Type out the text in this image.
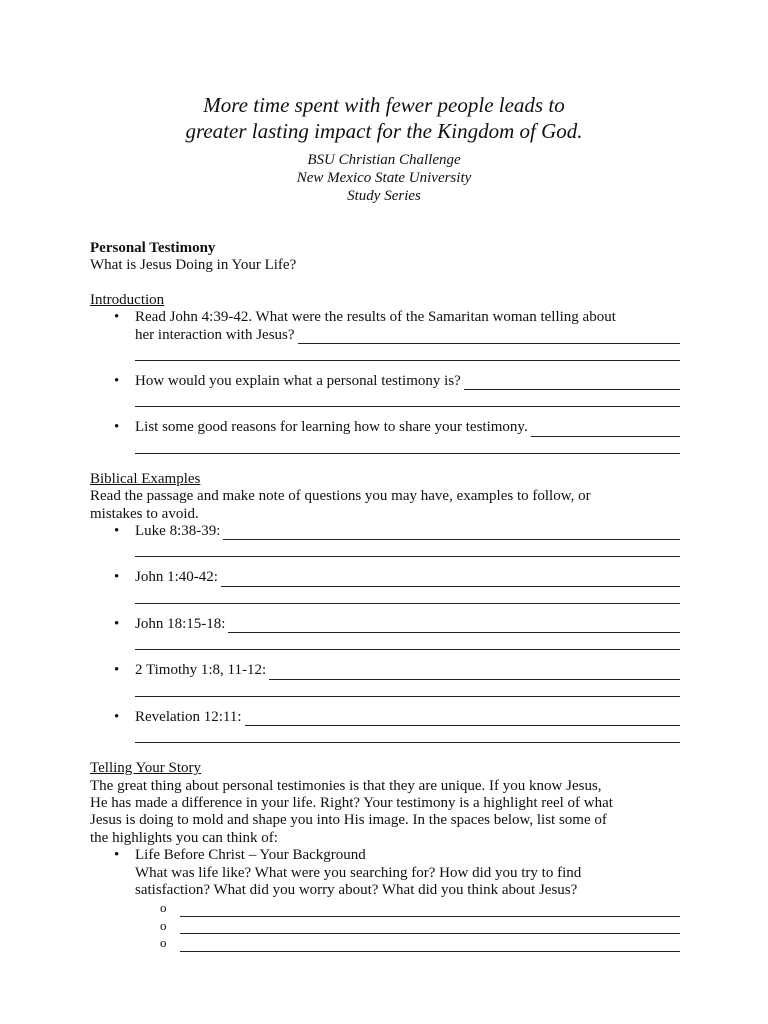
More time spent with fewer people leads to
greater lasting impact for the Kingdom of God.
BSU Christian Challenge
New Mexico State University
Study Series
Personal Testimony
What is Jesus Doing in Your Life?
Introduction
• Read John 4:39-42. What were the results of the Samaritan woman telling about
her interaction with Jesus?
• How would you explain what a personal testimony is?
• List some good reasons for learning how to share your testimony.
Biblical Examples
Read the passage and make note of questions you may have, examples to follow, or
mistakes to avoid.
• Luke 8:38-39:
• John 1:40-42:
• John 18:15-18:
• 2 Timothy 1:8, 11-12:
• Revelation 12:11:
Telling Your Story
The great thing about personal testimonies is that they are unique. If you know Jesus,
He has made a difference in your life. Right? Your testimony is a highlight reel of what
Jesus is doing to mold and shape you into His image. In the spaces below, list some of
the highlights you can think of:
• Life Before Christ – Your Background
What was life like? What were you searching for? How did you try to find
satisfaction? What did you worry about? What did you think about Jesus?
o
o
o
